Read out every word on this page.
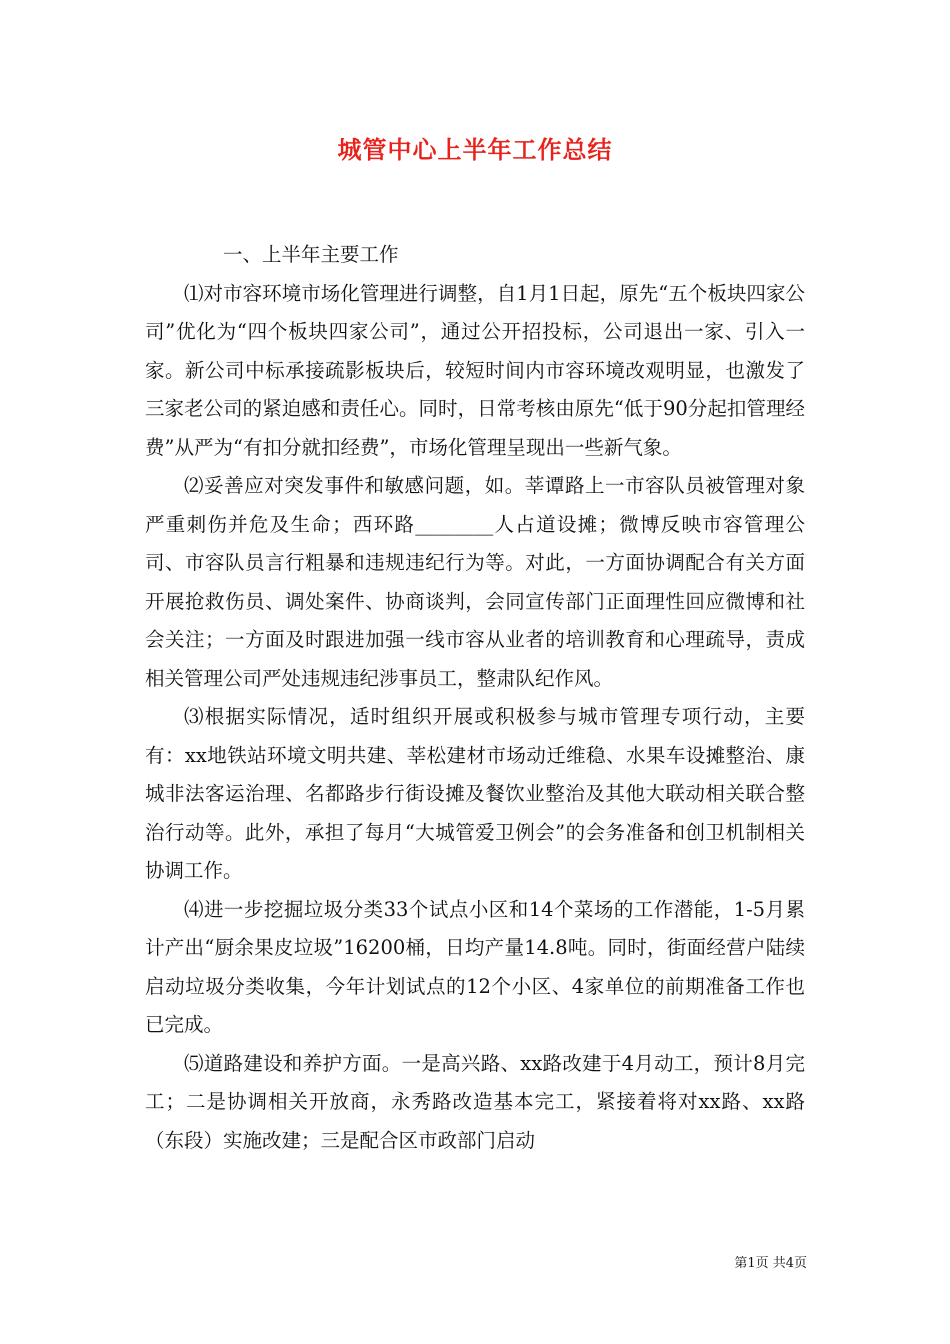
城管中心上半年工作总结

一、上半年主要工作

⑴对市容环境市场化管理进行调整，自1月1日起，原先“五个板块四家公司”优化为“四个板块四家公司”，通过公开招投标，公司退出一家、引入一家。新公司中标承接疏影板块后，较短时间内市容环境改观明显，也激发了三家老公司的紧迫感和责任心。同时，日常考核由原先“低于90分起扣管理经费”从严为“有扣分就扣经费”，市场化管理呈现出一些新气象。

⑵妥善应对突发事件和敏感问题，如。莘谭路上一市容队员被管理对象严重刺伤并危及生命；西环路________人占道设摊；微博反映市容管理公司、市容队员言行粗暴和违规违纪行为等。对此，一方面协调配合有关方面开展抢救伤员、调处案件、协商谈判，会同宣传部门正面理性回应微博和社会关注；一方面及时跟进加强一线市容从业者的培训教育和心理疏导，责成相关管理公司严处违规违纪涉事员工，整肃队纪作风。

⑶根据实际情况，适时组织开展或积极参与城市管理专项行动，主要有：xx地铁站环境文明共建、莘松建材市场动迁维稳、水果车设摊整治、康城非法客运治理、名都路步行街设摊及餐饮业整治及其他大联动相关联合整治行动等。此外，承担了每月“大城管爱卫例会”的会务准备和创卫机制相关协调工作。

⑷进一步挖掘垃圾分类33个试点小区和14个菜场的工作潜能，1-5月累计产出“厨余果皮垃圾”16200桶，日均产量14.8吨。同时，街面经营户陆续启动垃圾分类收集，今年计划试点的12个小区、4家单位的前期准备工作也已完成。

⑸道路建设和养护方面。一是高兴路、xx路改建于4月动工，预计8月完工；二是协调相关开放商，永秀路改造基本完工，紧接着将对xx路、xx路（东段）实施改建；三是配合区市政部门启动

第1页 共4页
